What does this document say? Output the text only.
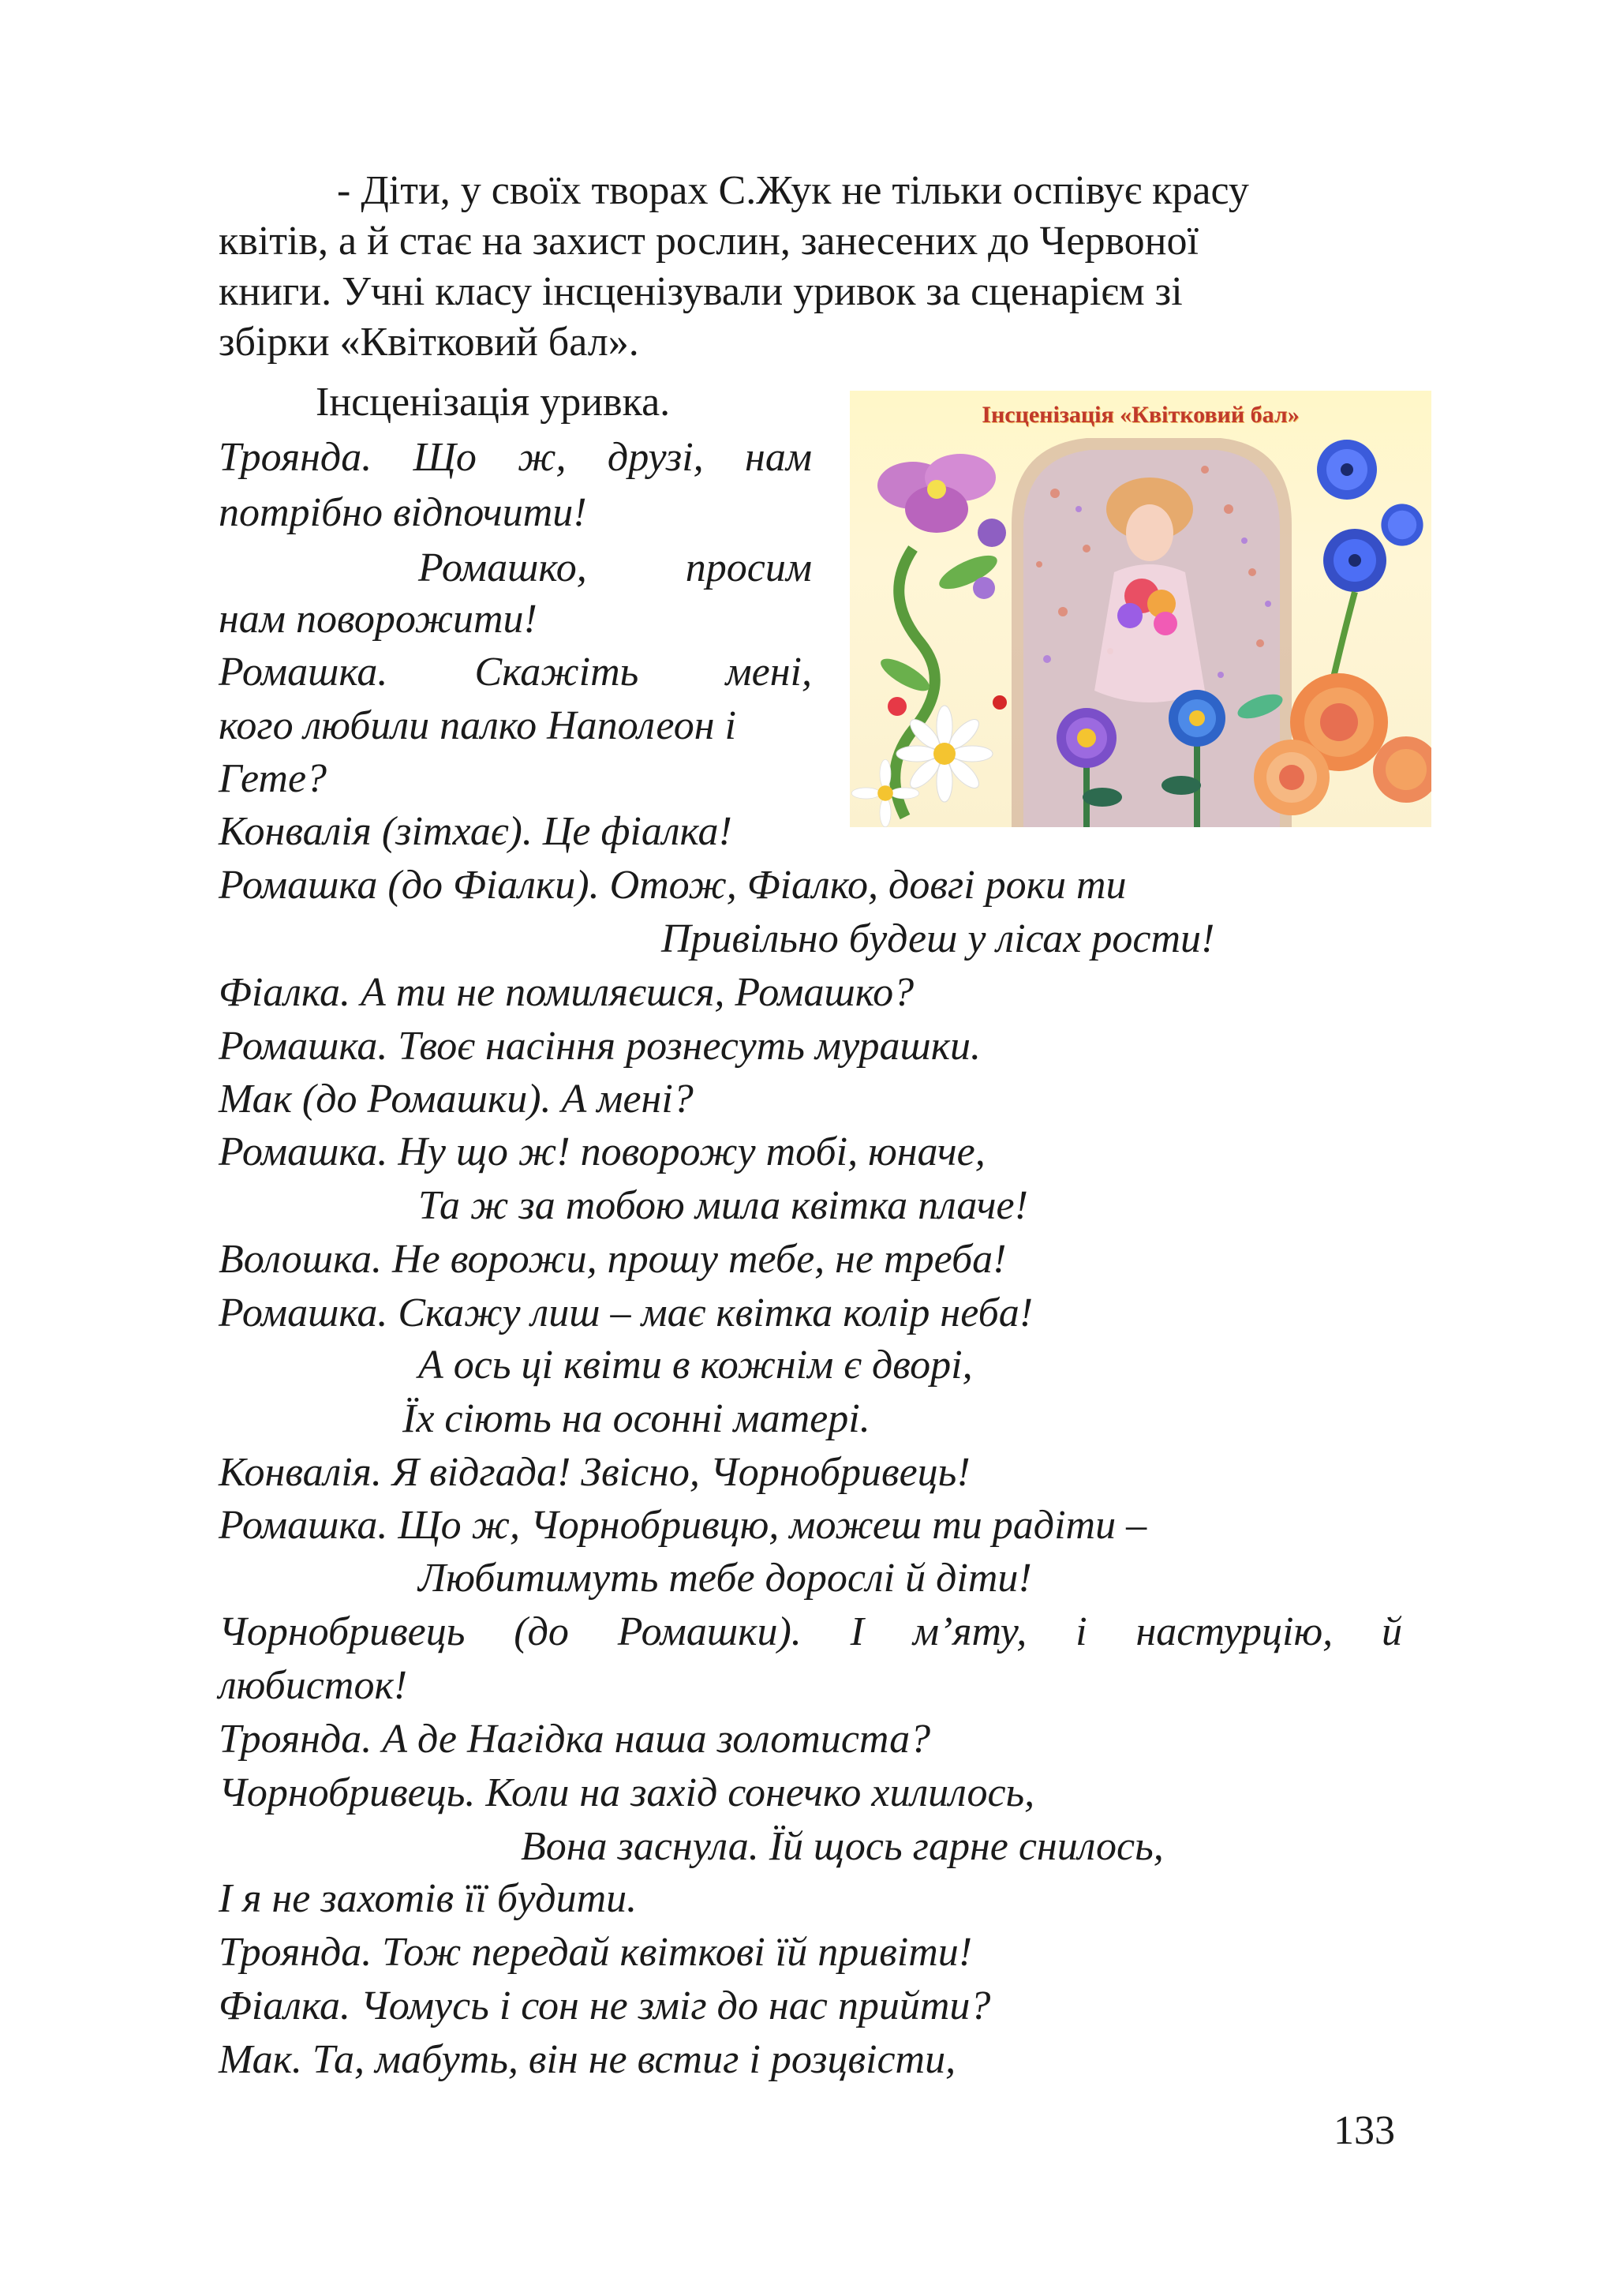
- Діти, у своїх творах С.Жук не тільки оспівує красу
квітів, а й стає на захист рослин, занесених до Червоної
книги. Учні класу інсценізували уривок за сценарієм зі
збірки «Квітковий бал».

Інсценізація уривка.

Троянда. Що ж, друзі, нам

потрібно відпочити!

Ромашко, просим

нам поворожити!

Ромашка. Скажіть мені,

кого любили палко Наполеон і

Гете?

Конвалія (зітхає). Це фіалка!

Ромашка (до Фіалки). Отож, Фіалко, довгі роки ти

Привільно будеш у лісах рости!

Фіалка. А ти не помиляєшся, Ромашко?

Ромашка. Твоє насіння рознесуть мурашки.

Мак (до Ромашки). А мені?

Ромашка. Ну що ж! поворожу тобі, юначе,

Та ж за тобою мила квітка плаче!

Волошка. Не ворожи, прошу тебе, не треба!

Ромашка. Скажу лиш – має квітка колір неба!

А ось ці квіти в кожнім є дворі,

Їх сіють на осонні матері.

Конвалія. Я відгада! Звісно, Чорнобривець!

Ромашка. Що ж, Чорнобривцю, можеш ти радіти –

Любитимуть тебе дорослі й діти!

Чорнобривець (до Ромашки). І м’яту, і настурцію, й

любисток!

Троянда. А де Нагідка наша золотиста?

Чорнобривець. Коли на захід сонечко хилилось,

Вона заснула. Їй щось гарне снилось,

І я не захотів її будити.

Троянда. Тож передай квіткові їй привіти!

Фіалка. Чомусь і сон не зміг до нас прийти?

Мак. Та, мабуть, він не встиг і розцвісти,

133

Інсценізація «Квітковий бал»
